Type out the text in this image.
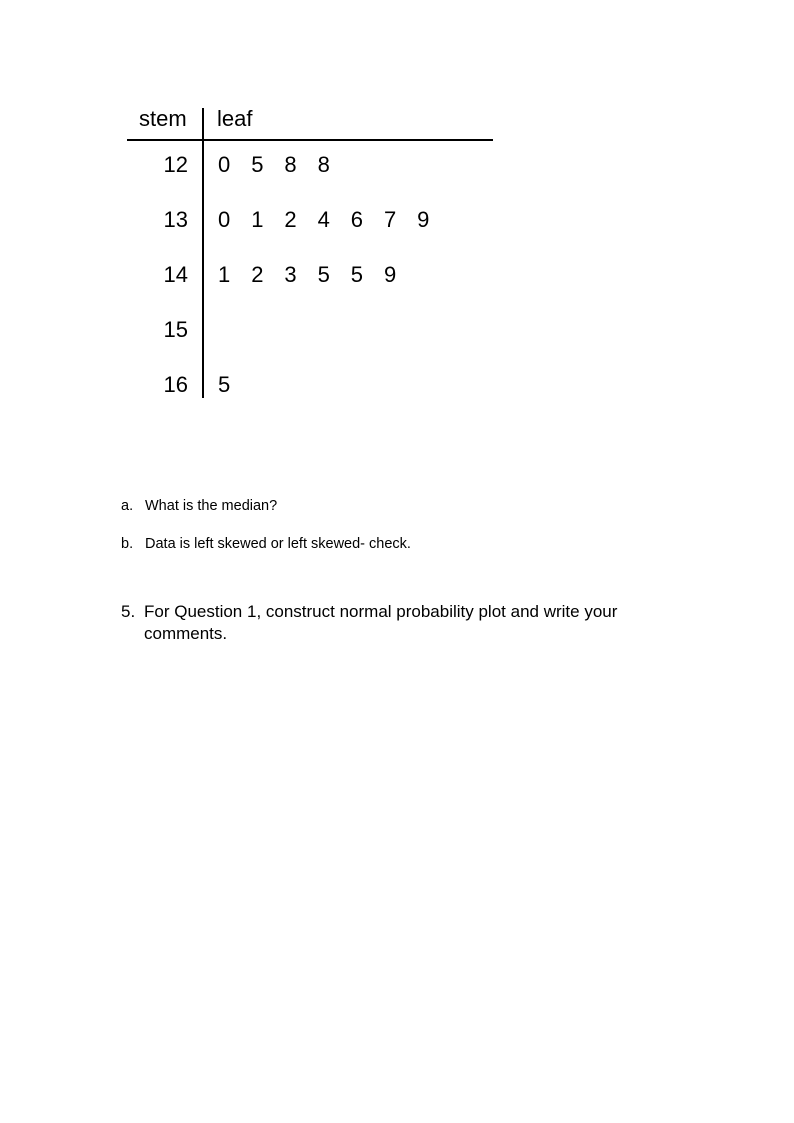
stem leaf
12 0 5 8 8
13 0 1 2 4 6 7 9
14 1 2 3 5 5 9
15
16 5
a. What is the median?
b. Data is left skewed or left skewed- check.
5. For Question 1, construct normal probability plot and write your comments.
